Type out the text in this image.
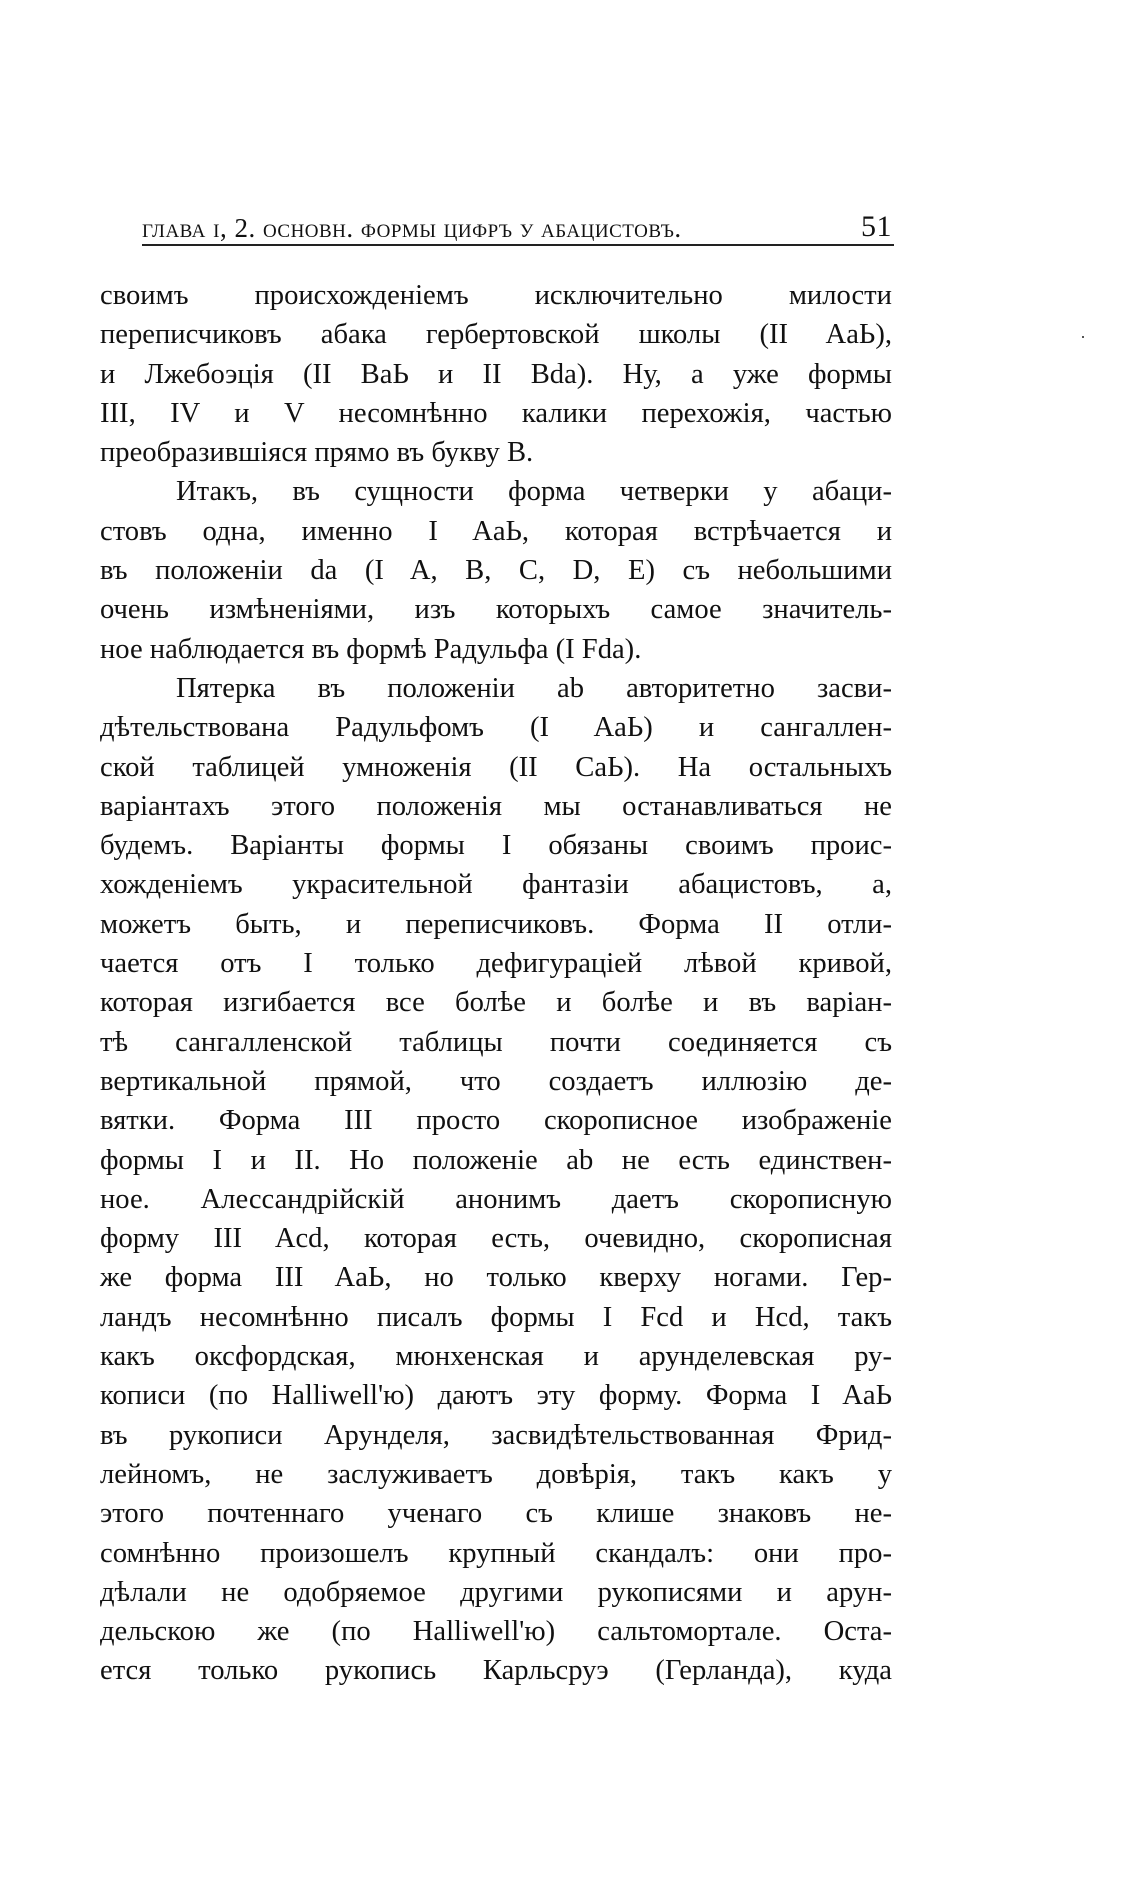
глава i, 2. основн. формы цифръ у абацистовъ.	51
своимъ происхожденіемъ исключительно милости
переписчиковъ абака гербертовской школы (II AaЬ),
и Лжебоэція (II BaЬ и II Bda). Ну, а уже формы
III, IV и V несомнѣнно калики перехожія, частью
преобразившіяся прямо въ букву B.
Итакъ, въ сущности форма четверки у абаци-
стовъ одна, именно I AaЬ, которая встрѣчается и
въ положеніи da (I A, B, C, D, E) съ небольшими
очень измѣненіями, изъ которыхъ самое значитель-
ное наблюдается въ формѣ Радульфа (I Fda).
Пятерка въ положеніи ab авторитетно засви-
дѣтельствована Радульфомъ (I AaЬ) и сангаллен-
ской таблицей умноженія (II CaЬ). На остальныхъ
варіантахъ этого положенія мы останавливаться не
будемъ. Варіанты формы I обязаны своимъ проис-
хожденіемъ украсительной фантазіи абацистовъ, а,
можетъ быть, и переписчиковъ. Форма II отли-
чается отъ I только дефигураціей лѣвой кривой,
которая изгибается все болѣе и болѣе и въ варіан-
тѣ сангалленской таблицы почти соединяется съ
вертикальной прямой, что создаетъ иллюзію де-
вятки. Форма III просто скорописное изображеніе
формы I и II. Но положеніе ab не есть единствен-
ное. Алессандрійскій анонимъ даетъ скорописную
форму III Acd, которая есть, очевидно, скорописная
же форма III AaЬ, но только кверху ногами. Гер-
ландъ несомнѣнно писалъ формы I Fcd и Hcd, такъ
какъ оксфордская, мюнхенская и арунделевская ру-
кописи (по Halliwell'ю) даютъ эту форму. Форма I AaЬ
въ рукописи Арунделя, засвидѣтельствованная Фрид-
лейномъ, не заслуживаетъ довѣрія, такъ какъ у
этого почтеннаго ученаго съ клише знаковъ не-
сомнѣнно произошелъ крупный скандалъ: они про-
дѣлали не одобряемое другими рукописями и арун-
дельскою же (по Halliwell'ю) сальтомортале. Оста-
ется только рукопись Карльсруэ (Герланда), куда
